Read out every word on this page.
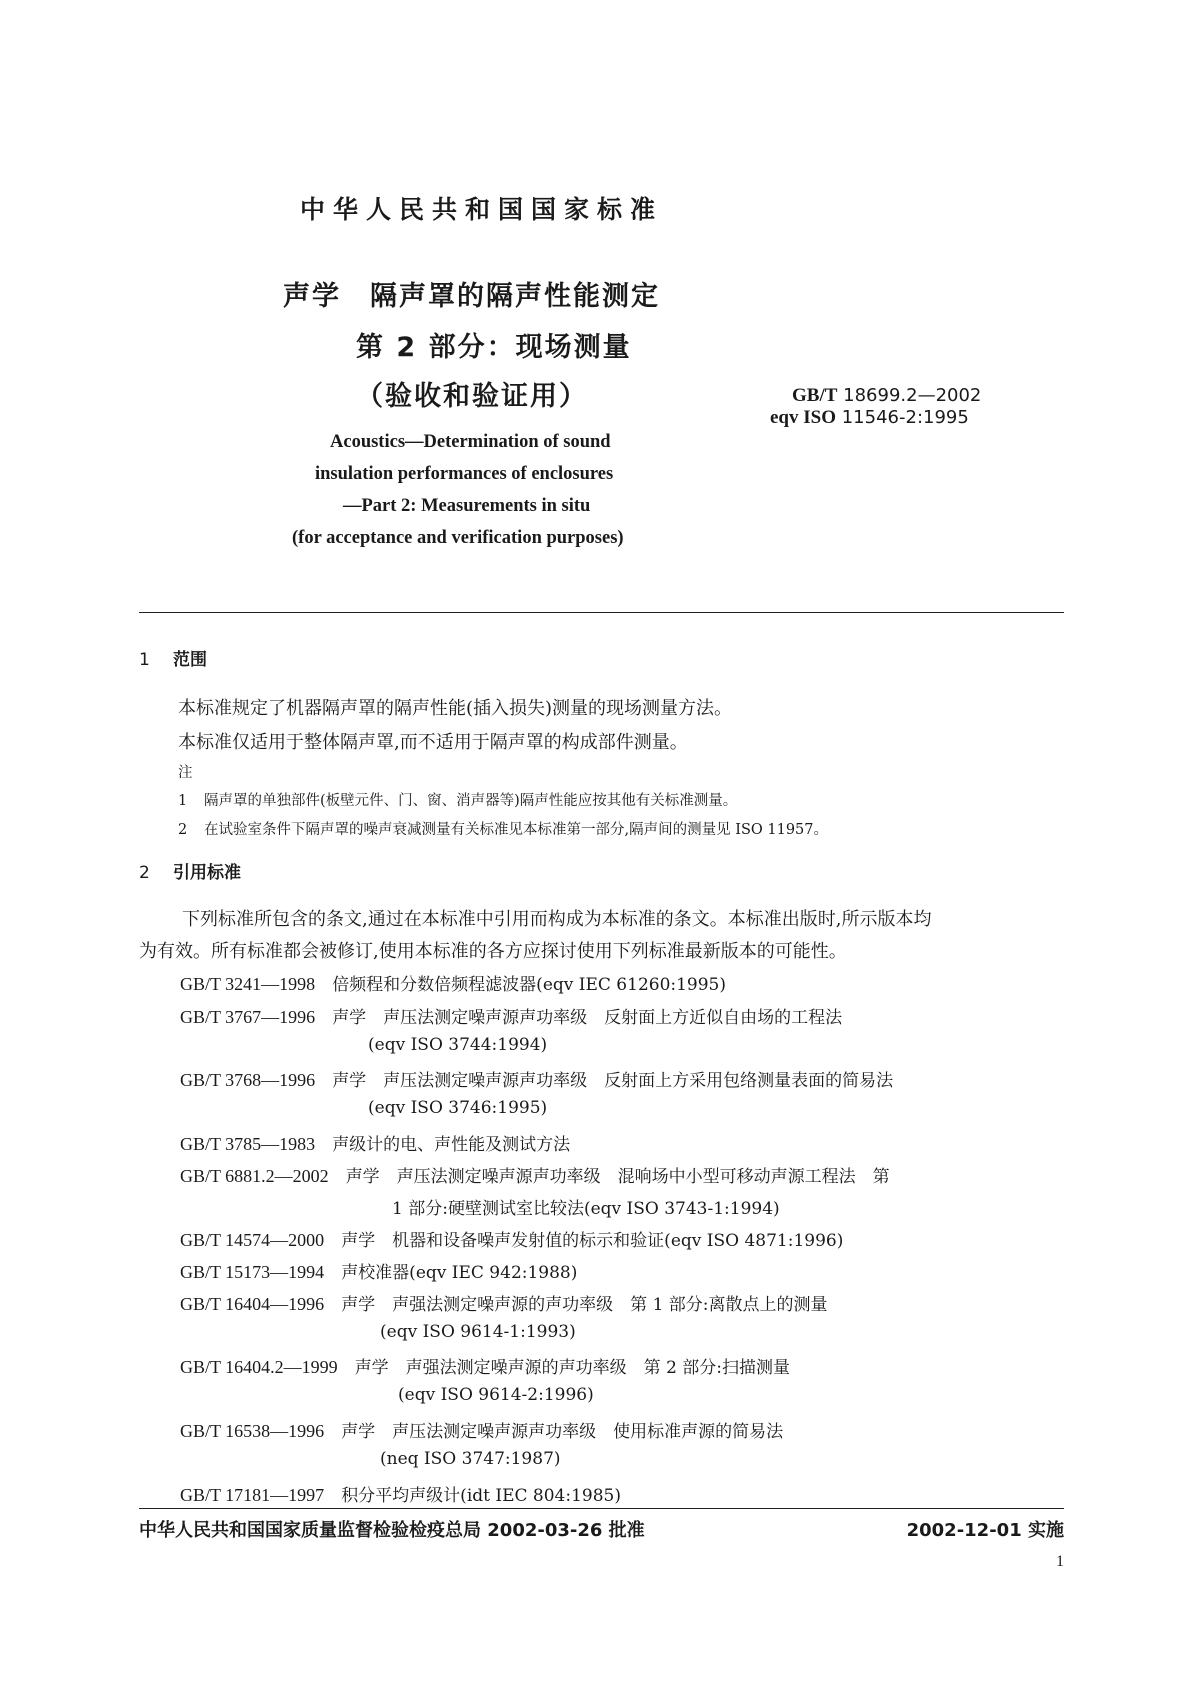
中华人民共和国国家标准
声学　隔声罩的隔声性能测定
第 2 部分：现场测量
（验收和验证用）	GB/T 18699.2—2002
eqv ISO 11546-2:1995
Acoustics—Determination of sound
insulation performances of enclosures
—Part 2: Measurements in situ
(for acceptance and verification purposes)
1 范围
本标准规定了机器隔声罩的隔声性能(插入损失)测量的现场测量方法。
本标准仅适用于整体隔声罩,而不适用于隔声罩的构成部件测量。
注
1 隔声罩的单独部件(板壁元件、门、窗、消声器等)隔声性能应按其他有关标准测量。
2 在试验室条件下隔声罩的噪声衰减测量有关标准见本标准第一部分,隔声间的测量见 ISO 11957。
2 引用标准
下列标准所包含的条文,通过在本标准中引用而构成为本标准的条文。本标准出版时,所示版本均
为有效。所有标准都会被修订,使用本标准的各方应探讨使用下列标准最新版本的可能性。
GB/T 3241—1998　 倍频程和分数倍频程滤波器(eqv IEC 61260:1995)
GB/T 3767—1996　 声学　声压法测定噪声源声功率级　反射面上方近似自由场的工程法
(eqv ISO 3744:1994)
GB/T 3768—1996　 声学　声压法测定噪声源声功率级　反射面上方采用包络测量表面的简易法
(eqv ISO 3746:1995)
GB/T 3785—1983　 声级计的电、声性能及测试方法
GB/T 6881.2—2002　 声学　声压法测定噪声源声功率级　混响场中小型可移动声源工程法　第
1 部分:硬壁测试室比较法(eqv ISO 3743-1:1994)
GB/T 14574—2000　 声学　机器和设备噪声发射值的标示和验证(eqv ISO 4871:1996)
GB/T 15173—1994　 声校准器(eqv IEC 942:1988)
GB/T 16404—1996　 声学　声强法测定噪声源的声功率级　第 1 部分:离散点上的测量
(eqv ISO 9614-1:1993)
GB/T 16404.2—1999　 声学　声强法测定噪声源的声功率级　第 2 部分:扫描测量
(eqv ISO 9614-2:1996)
GB/T 16538—1996　 声学　声压法测定噪声源声功率级　使用标准声源的简易法
(neq ISO 3747:1987)
GB/T 17181—1997　 积分平均声级计(idt IEC 804:1985)
中华人民共和国国家质量监督检验检疫总局 2002-03-26 批准	2002-12-01 实施
1
